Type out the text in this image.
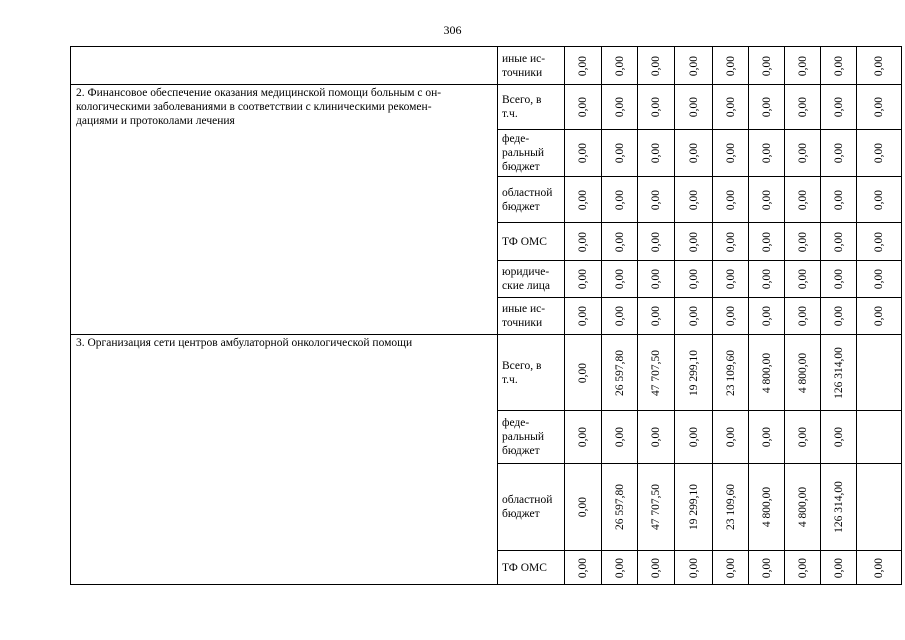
306
	иные ис-
точники	0,00	0,00	0,00	0,00	0,00	0,00	0,00	0,00	0,00

2. Финансовое обеспечение оказания медицинской помощи больным с он-
кологическими заболеваниями в соответствии с клиническими рекомен-
дациями и протоколами лечения	Всего, в
т.ч.	0,00	0,00	0,00	0,00	0,00	0,00	0,00	0,00	0,00

	феде-
ральный
бюджет	0,00	0,00	0,00	0,00	0,00	0,00	0,00	0,00	0,00

	областной
бюджет	0,00	0,00	0,00	0,00	0,00	0,00	0,00	0,00	0,00

	ТФ ОМС	0,00	0,00	0,00	0,00	0,00	0,00	0,00	0,00	0,00

	юридиче-
ские лица	0,00	0,00	0,00	0,00	0,00	0,00	0,00	0,00	0,00

	иные ис-
точники	0,00	0,00	0,00	0,00	0,00	0,00	0,00	0,00	0,00

3. Организация сети центров амбулаторной онкологической помощи	Всего, в
т.ч.	0,00	26 597,80	47 707,50	19 299,10	23 109,60	4 800,00	4 800,00	126 314,00	

	феде-
ральный
бюджет	0,00	0,00	0,00	0,00	0,00	0,00	0,00	0,00	

	областной
бюджет	0,00	26 597,80	47 707,50	19 299,10	23 109,60	4 800,00	4 800,00	126 314,00	

	ТФ ОМС	0,00	0,00	0,00	0,00	0,00	0,00	0,00	0,00	0,00
